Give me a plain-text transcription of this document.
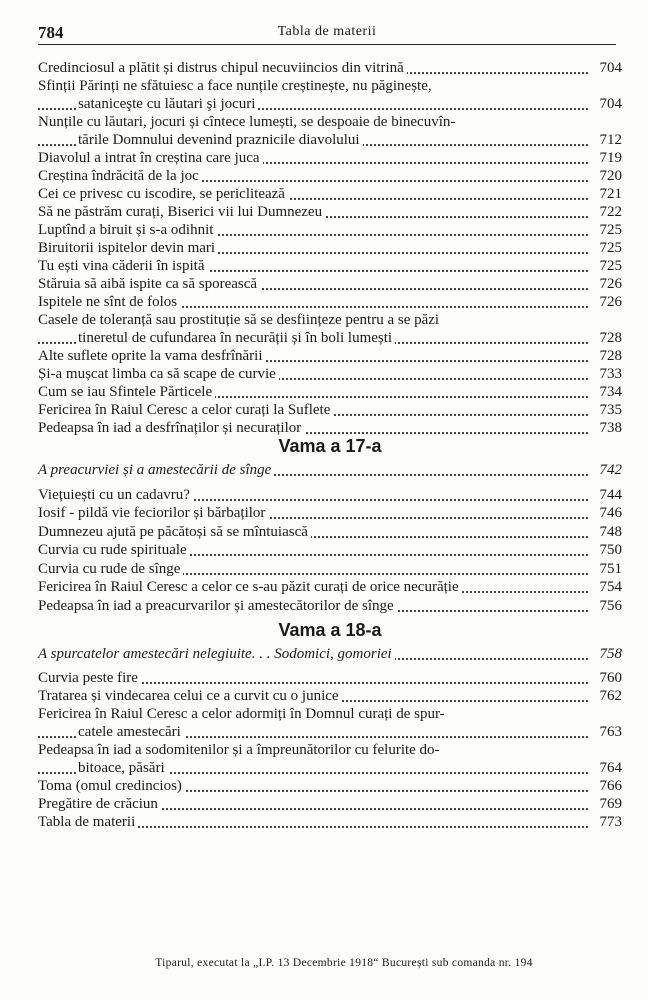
784	Tabla de materii
Credinciosul a plătit și distrus chipul necuviincios din vitrină	704
Sfinții Părinți ne sfătuiesc a face nunțile creștinește, nu păginește,
sataniceşte cu lăutari şi jocuri	704
Nunțile cu lăutari, jocuri și cîntece lumești, se despoaie de binecuvîn-
tările Domnului devenind praznicile diavolului	712
Diavolul a intrat în creștina care juca	719
Creștina îndrăcită de la joc	720
Cei ce privesc cu iscodire, se periclitează	721
Să ne păstrăm curați, Biserici vii lui Dumnezeu	722
Luptînd a biruit și s-a odihnit	725
Biruitorii ispitelor devin mari	725
Tu ești vina căderii în ispită	725
Stăruia să aibă ispite ca să sporească	726
Ispitele ne sînt de folos	726
Casele de toleranță sau prostituție să se desființeze pentru a se păzi
tineretul de cufundarea în necurății și în boli lumești	728
Alte suflete oprite la vama desfrînării	728
Și-a mușcat limba ca să scape de curvie	733
Cum se iau Sfintele Părticele	734
Fericirea în Raiul Ceresc a celor curați la Suflete	735
Pedeapsa în iad a desfrînaților și necuraților	738
Vama a 17-a
A preacurviei și a amestecării de sînge	742
Viețuiești cu un cadavru?	744
Iosif - pildă vie feciorilor și bărbaților	746
Dumnezeu ajută pe păcătoși să se mîntuiască	748
Curvia cu rude spirituale	750
Curvia cu rude de sînge	751
Fericirea în Raiul Ceresc a celor ce s-au păzit curați de orice necurăție	754
Pedeapsa în iad a preacurvarilor și amestecătorilor de sînge	756
Vama a 18-a
A spurcatelor amestecări nelegiuite. . . Sodomici, gomoriei	758
Curvia peste fire	760
Tratarea și vindecarea celui ce a curvit cu o junice	762
Fericirea în Raiul Ceresc a celor adormiți în Domnul curați de spur-
catele amestecări	763
Pedeapsa în iad a sodomitenilor și a împreunătorilor cu felurite do-
bitoace, păsări	764
Toma (omul credincios)	766
Pregătire de crăciun	769
Tabla de materii	773
Tiparul, executat la „I.P. 13 Decembrie 1918“ București sub comanda nr. 194
